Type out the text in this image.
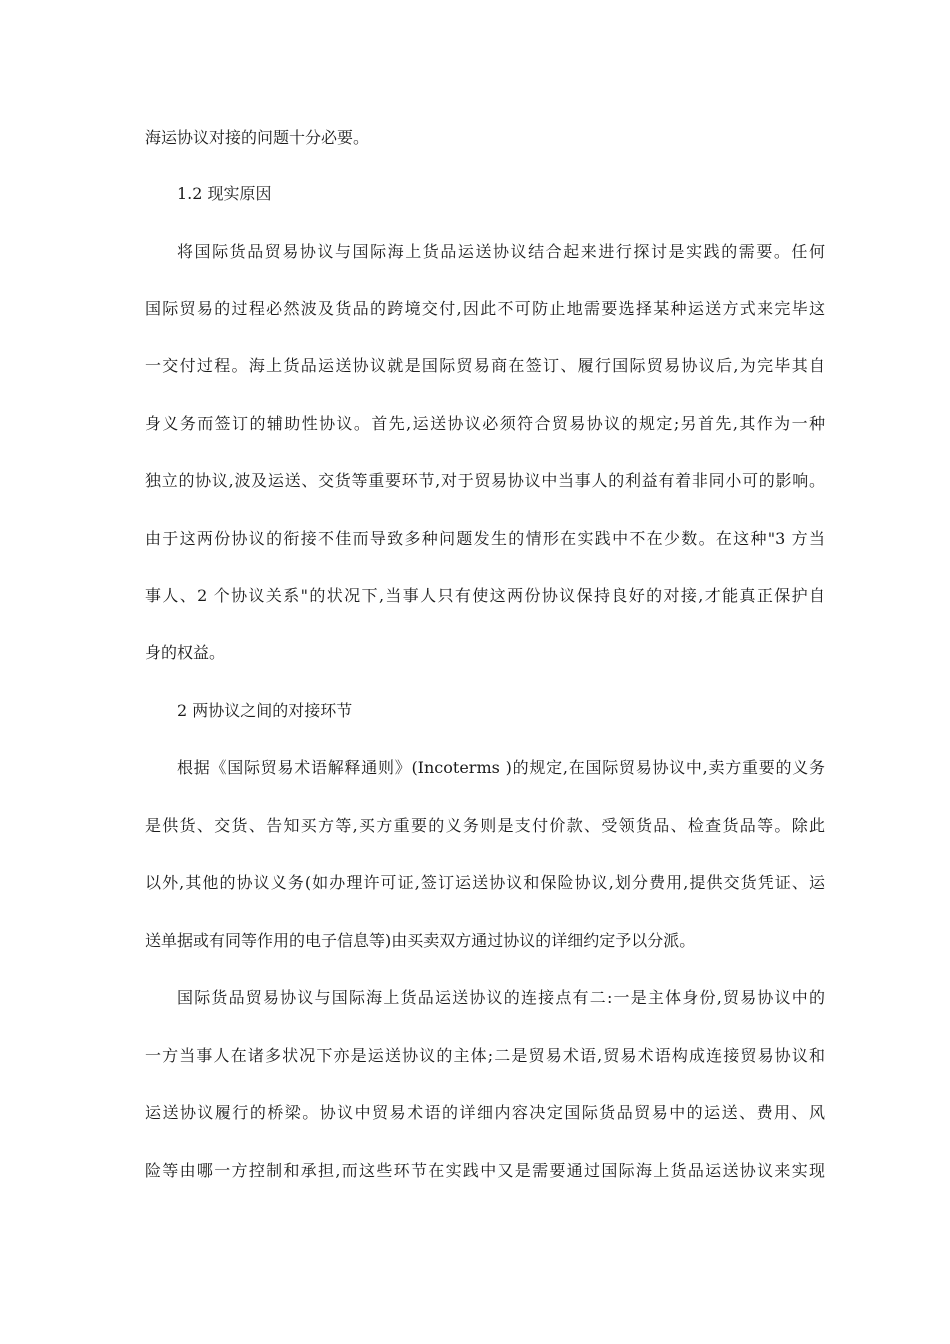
海运协议对接的问题十分必要。

1.2 现实原因

将国际货品贸易协议与国际海上货品运送协议结合起来进行探讨是实践的需要。任何

国际贸易的过程必然波及货品的跨境交付,因此不可防止地需要选择某种运送方式来完毕这

一交付过程。海上货品运送协议就是国际贸易商在签订、履行国际贸易协议后,为完毕其自

身义务而签订的辅助性协议。首先,运送协议必须符合贸易协议的规定;另首先,其作为一种

独立的协议,波及运送、交货等重要环节,对于贸易协议中当事人的利益有着非同小可的影响。

由于这两份协议的衔接不佳而导致多种问题发生的情形在实践中不在少数。在这种"3 方当

事人、2 个协议关系"的状况下,当事人只有使这两份协议保持良好的对接,才能真正保护自

身的权益。

2 两协议之间的对接环节

根据《国际贸易术语解释通则》(Incoterms )的规定,在国际贸易协议中,卖方重要的义务

是供货、交货、告知买方等,买方重要的义务则是支付价款、受领货品、检查货品等。除此

以外,其他的协议义务(如办理许可证,签订运送协议和保险协议,划分费用,提供交货凭证、运

送单据或有同等作用的电子信息等)由买卖双方通过协议的详细约定予以分派。

国际货品贸易协议与国际海上货品运送协议的连接点有二:一是主体身份,贸易协议中的

一方当事人在诸多状况下亦是运送协议的主体;二是贸易术语,贸易术语构成连接贸易协议和

运送协议履行的桥梁。协议中贸易术语的详细内容决定国际货品贸易中的运送、费用、风

险等由哪一方控制和承担,而这些环节在实践中又是需要通过国际海上货品运送协议来实现
